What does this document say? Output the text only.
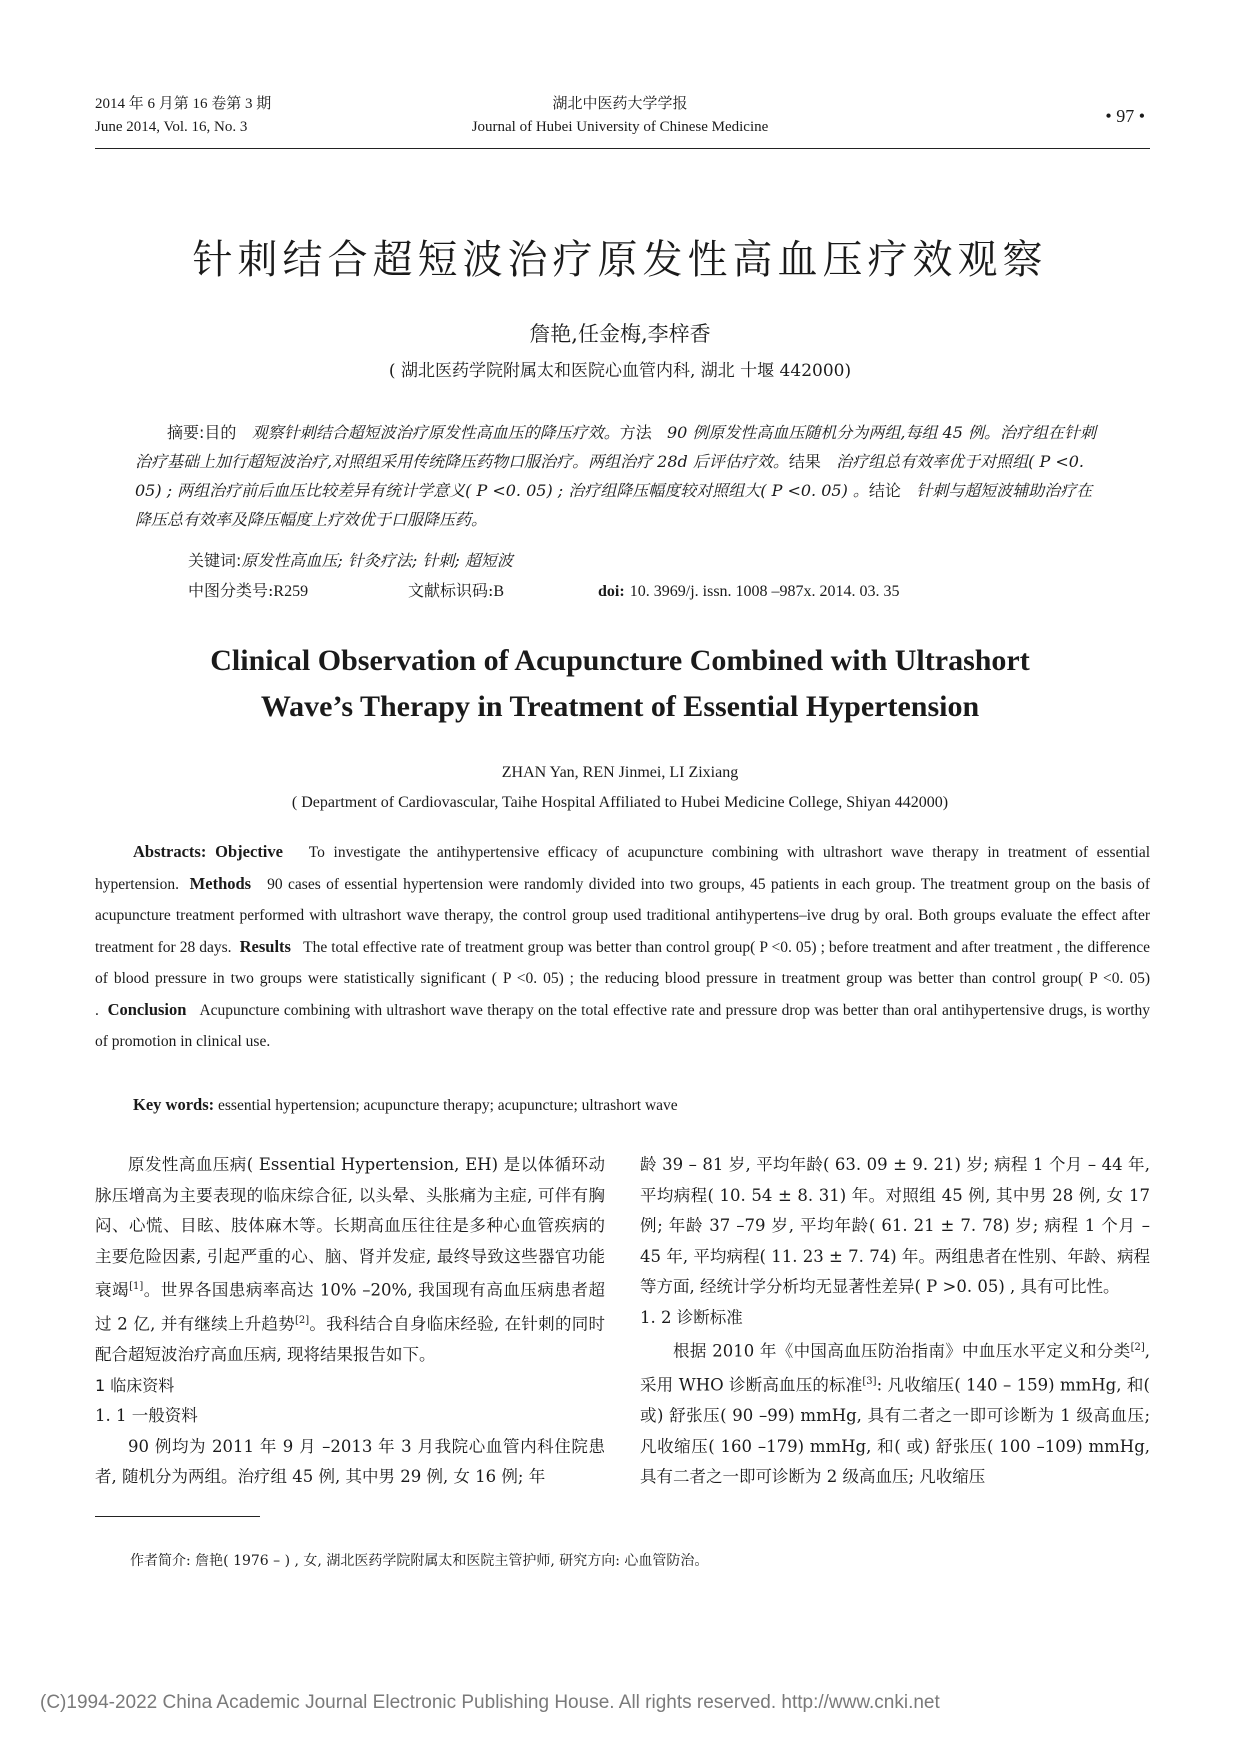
2014 年 6 月第 16 卷第 3 期
June 2014, Vol. 16, No. 3
湖北中医药大学学报
Journal of Hubei University of Chinese Medicine
• 97 •
针刺结合超短波治疗原发性高血压疗效观察
詹艳,任金梅,李梓香
( 湖北医药学院附属太和医院心血管内科, 湖北 十堰 442000)
摘要:目的 观察针刺结合超短波治疗原发性高血压的降压疗效。方法 90 例原发性高血压随机分为两组,每组 45 例。治疗组在针刺治疗基础上加行超短波治疗,对照组采用传统降压药物口服治疗。两组治疗 28d 后评估疗效。结果 治疗组总有效率优于对照组( P <0. 05) ; 两组治疗前后血压比较差异有统计学意义( P <0. 05) ; 治疗组降压幅度较对照组大( P <0. 05) 。结论 针刺与超短波辅助治疗在降压总有效率及降压幅度上疗效优于口服降压药。
关键词:原发性高血压; 针灸疗法; 针刺; 超短波
中图分类号:R259	文献标识码:B	doi: 10. 3969/j. issn. 1008 –987x. 2014. 03. 35
Clinical Observation of Acupuncture Combined with Ultrashort
Wave’s Therapy in Treatment of Essential Hypertension
ZHAN Yan, REN Jinmei, LI Zixiang
( Department of Cardiovascular, Taihe Hospital Affiliated to Hubei Medicine College, Shiyan 442000)
Abstracts: Objective To investigate the antihypertensive efficacy of acupuncture combining with ultrashort wave therapy in treatment of essential hypertension. Methods 90 cases of essential hypertension were randomly divided into two groups, 45 patients in each group. The treatment group on the basis of acupuncture treatment performed with ultrashort wave therapy, the control group used traditional antihypertens–ive drug by oral. Both groups evaluate the effect after treatment for 28 days. Results The total effective rate of treatment group was better than control group( P <0. 05) ; before treatment and after treatment , the difference of blood pressure in two groups were statistically significant ( P <0. 05) ; the reducing blood pressure in treatment group was better than control group( P <0. 05) . Conclusion Acupuncture combining with ultrashort wave therapy on the total effective rate and pressure drop was better than oral antihypertensive drugs, is worthy of promotion in clinical use.
Key words: essential hypertension; acupuncture therapy; acupuncture; ultrashort wave

原发性高血压病( Essential Hypertension, EH) 是以体循环动脉压增高为主要表现的临床综合征, 以头晕、头胀痛为主症, 可伴有胸闷、心慌、目眩、肢体麻木等。长期高血压往往是多种心血管疾病的主要危险因素, 引起严重的心、脑、肾并发症, 最终导致这些器官功能衰竭[1]。世界各国患病率高达 10% –20%, 我国现有高血压病患者超过 2 亿, 并有继续上升趋势[2]。我科结合自身临床经验, 在针刺的同时配合超短波治疗高血压病, 现将结果报告如下。

1 临床资料

1. 1 一般资料

90 例均为 2011 年 9 月 –2013 年 3 月我院心血管内科住院患者, 随机分为两组。治疗组 45 例, 其中男 29 例, 女 16 例; 年

龄 39 – 81 岁, 平均年龄( 63. 09 ± 9. 21) 岁; 病程 1 个月 – 44 年, 平均病程( 10. 54 ± 8. 31) 年。对照组 45 例, 其中男 28 例, 女 17 例; 年龄 37 –79 岁, 平均年龄( 61. 21 ± 7. 78) 岁; 病程 1 个月 – 45 年, 平均病程( 11. 23 ± 7. 74) 年。两组患者在性别、年龄、病程等方面, 经统计学分析均无显著性差异( P >0. 05) , 具有可比性。

1. 2 诊断标准

根据 2010 年《中国高血压防治指南》中血压水平定义和分类[2], 采用 WHO 诊断高血压的标准[3]: 凡收缩压( 140 – 159) mmHg, 和( 或) 舒张压( 90 –99) mmHg, 具有二者之一即可诊断为 1 级高血压; 凡收缩压( 160 –179) mmHg, 和( 或) 舒张压( 100 –109) mmHg, 具有二者之一即可诊断为 2 级高血压; 凡收缩压

作者简介: 詹艳( 1976 – ) , 女, 湖北医药学院附属太和医院主管护师, 研究方向: 心血管防治。
(C)1994-2022 China Academic Journal Electronic Publishing House. All rights reserved. http://www.cnki.net
